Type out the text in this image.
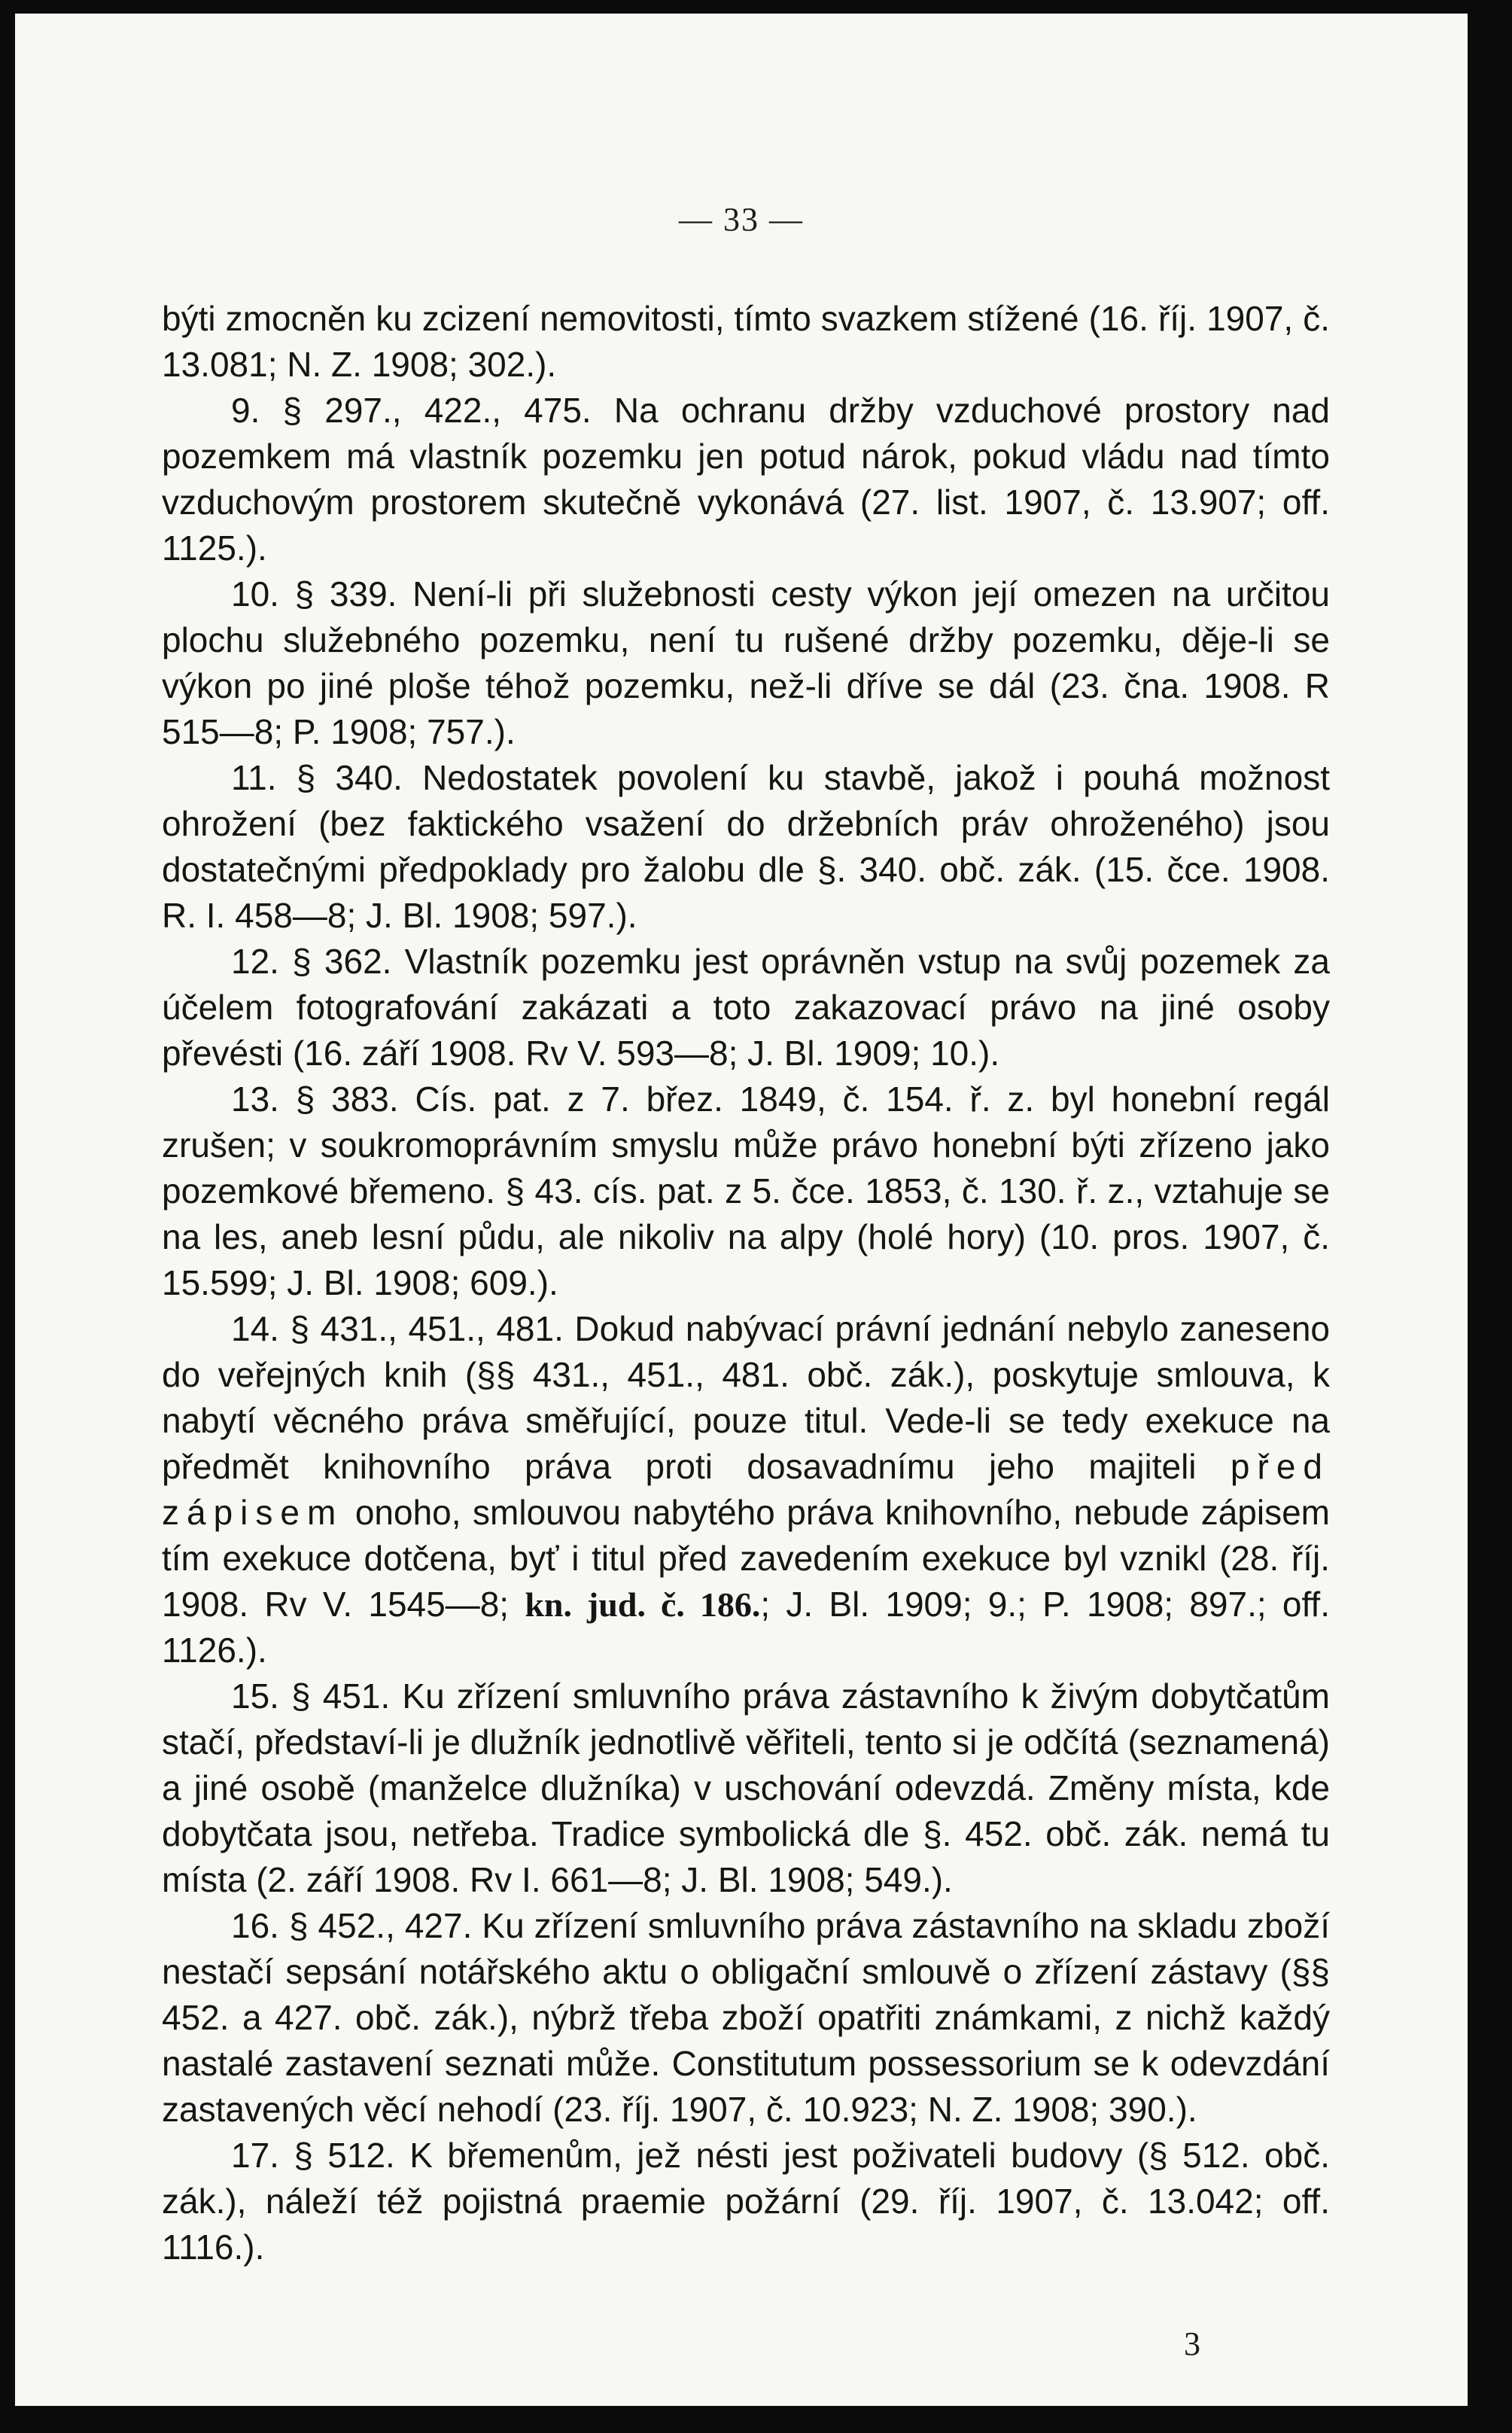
— 33 —

býti zmocněn ku zcizení nemovitosti, tímto svazkem stížené (16. říj. 1907, č. 13.081; N. Z. 1908; 302.).

9. § 297., 422., 475. Na ochranu držby vzduchové prostory nad pozemkem má vlastník pozemku jen potud nárok, pokud vládu nad tímto vzduchovým prostorem skutečně vykonává (27. list. 1907, č. 13.907; off. 1125.).

10. § 339. Není-li při služebnosti cesty výkon její omezen na určitou plochu služebného pozemku, není tu rušené držby pozemku, děje-li se výkon po jiné ploše téhož pozemku, než-li dříve se dál (23. čna. 1908. R 515—8; P. 1908; 757.).

11. § 340. Nedostatek povolení ku stavbě, jakož i pouhá možnost ohrožení (bez faktického vsažení do držebních práv ohroženého) jsou dostatečnými předpoklady pro žalobu dle §. 340. obč. zák. (15. čce. 1908. R. I. 458—8; J. Bl. 1908; 597.).

12. § 362. Vlastník pozemku jest oprávněn vstup na svůj pozemek za účelem fotografování zakázati a toto zakazovací právo na jiné osoby převésti (16. září 1908. Rv V. 593—8; J. Bl. 1909; 10.).

13. § 383. Cís. pat. z 7. břez. 1849, č. 154. ř. z. byl honební regál zrušen; v soukromoprávním smyslu může právo honební býti zřízeno jako pozemkové břemeno. § 43. cís. pat. z 5. čce. 1853, č. 130. ř. z., vztahuje se na les, aneb lesní půdu, ale nikoliv na alpy (holé hory) (10. pros. 1907, č. 15.599; J. Bl. 1908; 609.).

14. § 431., 451., 481. Dokud nabývací právní jednání nebylo zaneseno do veřejných knih (§§ 431., 451., 481. obč. zák.), poskytuje smlouva, k nabytí věcného práva směřující, pouze titul. Vede-li se tedy exekuce na předmět knihovního práva proti dosavadnímu jeho majiteli před zápisem onoho, smlouvou nabytého práva knihovního, nebude zápisem tím exekuce dotčena, byť i titul před zavedením exekuce byl vznikl (28. říj. 1908. Rv V. 1545—8; kn. jud. č. 186.; J. Bl. 1909; 9.; P. 1908; 897.; off. 1126.).

15. § 451. Ku zřízení smluvního práva zástavního k živým dobytčatům stačí, představí-li je dlužník jednotlivě věřiteli, tento si je odčítá (seznamená) a jiné osobě (manželce dlužníka) v uschování odevzdá. Změny místa, kde dobytčata jsou, netřeba. Tradice symbolická dle §. 452. obč. zák. nemá tu místa (2. září 1908. Rv I. 661—8; J. Bl. 1908; 549.).

16. § 452., 427. Ku zřízení smluvního práva zástavního na skladu zboží nestačí sepsání notářského aktu o obligační smlouvě o zřízení zástavy (§§ 452. a 427. obč. zák.), nýbrž třeba zboží opatřiti známkami, z nichž každý nastalé zastavení seznati může. Constitutum possessorium se k odevzdání zastavených věcí nehodí (23. říj. 1907, č. 10.923; N. Z. 1908; 390.).

17. § 512. K břemenům, jež nésti jest poživateli budovy (§ 512. obč. zák.), náleží též pojistná praemie požární (29. říj. 1907, č. 13.042; off. 1116.).

3
